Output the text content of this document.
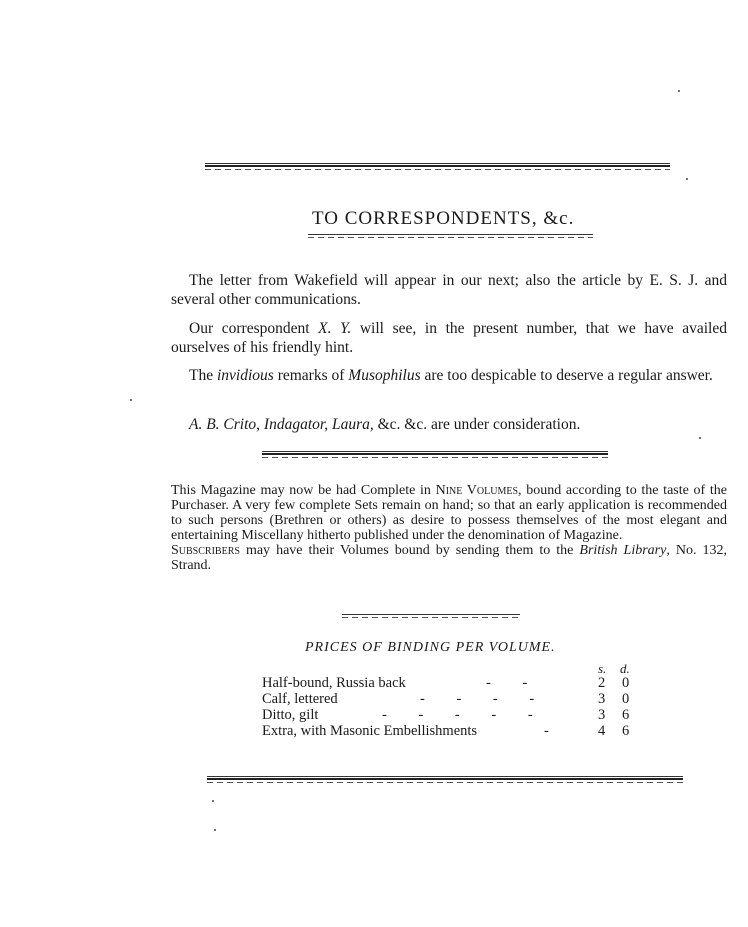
TO CORRESPONDENTS, &c.
The letter from Wakefield will appear in our next; also the article by E. S. J. and several other communications.
Our correspondent X. Y. will see, in the present number, that we have availed ourselves of his friendly hint.
The invidious remarks of Musophilus are too despicable to deserve a regular answer.
A. B. Crito, Indagator, Laura, &c. &c. are under consideration.
This Magazine may now be had Complete in Nine Volumes, bound according to the taste of the Purchaser. A very few complete Sets remain on hand; so that an early application is recommended to such persons (Brethren or others) as desire to possess themselves of the most elegant and entertaining Miscellany hitherto published under the denomination of Magazine.
Subscribers may have their Volumes bound by sending them to the British Library, No. 132, Strand.
PRICES OF BINDING PER VOLUME.
s. d.
Half-bound, Russia back	- -	2 0
Calf, lettered	- - - -	3 0
Ditto, gilt	- - - - -	3 6
Extra, with Masonic Embellishments	- 4 6
